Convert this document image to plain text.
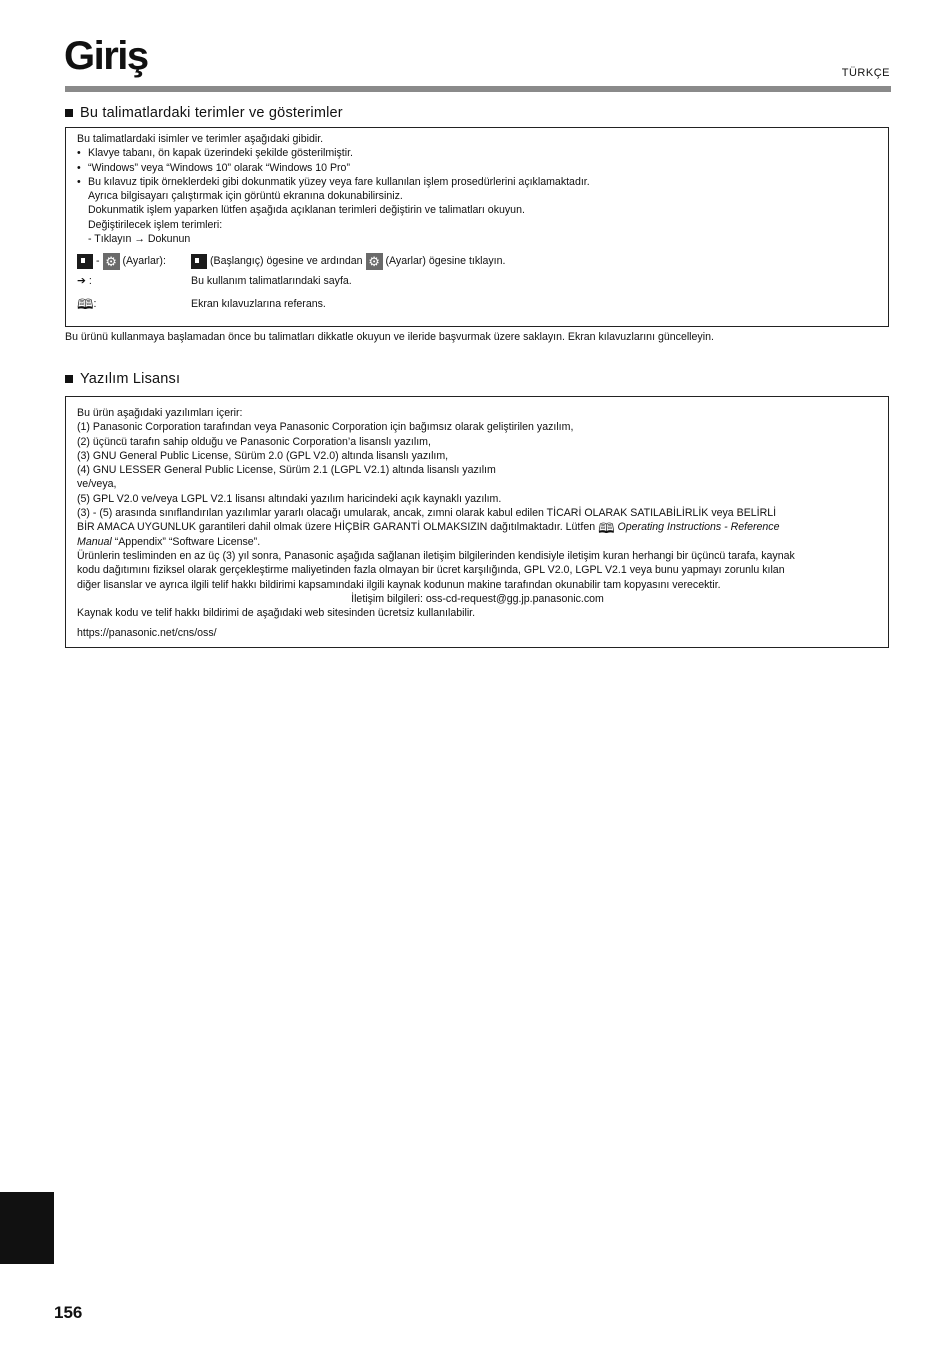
Giriş	TÜRKÇE
Bu talimatlardaki terimler ve gösterimler
Bu talimatlardaki isimler ve terimler aşağıdaki gibidir.
• Klavye tabanı, ön kapak üzerindeki şekilde gösterilmiştir.
• “Windows” veya “Windows 10” olarak “Windows 10 Pro”
• Bu kılavuz tipik örneklerdeki gibi dokunmatik yüzey veya fare kullanılan işlem prosedürlerini açıklamaktadır.
Ayrıca bilgisayarı çalıştırmak için görüntü ekranına dokunabilirsiniz.
Dokunmatik işlem yaparken lütfen aşağıda açıklanan terimleri değiştirin ve talimatları okuyun.
Değiştirilecek işlem terimleri:
- Tıklayın → Dokunun
- ⚙ (Ayarlar):	(Başlangıç) ögesine ve ardından ⚙ (Ayarlar) ögesine tıklayın.
➔ :	Bu kullanım talimatlarındaki sayfa.
🕮 :	Ekran kılavuzlarına referans.
Bu ürünü kullanmaya başlamadan önce bu talimatları dikkatle okuyun ve ileride başvurmak üzere saklayın. Ekran kılavuzlarını güncelleyin.
Yazılım Lisansı
Bu ürün aşağıdaki yazılımları içerir:
(1) Panasonic Corporation tarafından veya Panasonic Corporation için bağımsız olarak geliştirilen yazılım,
(2) üçüncü tarafın sahip olduğu ve Panasonic Corporation’a lisanslı yazılım,
(3) GNU General Public License, Sürüm 2.0 (GPL V2.0) altında lisanslı yazılım,
(4) GNU LESSER General Public License, Sürüm 2.1 (LGPL V2.1) altında lisanslı yazılım
ve/veya,
(5) GPL V2.0 ve/veya LGPL V2.1 lisansı altındaki yazılım haricindeki açık kaynaklı yazılım.
(3) - (5) arasında sınıflandırılan yazılımlar yararlı olacağı umularak, ancak, zımni olarak kabul edilen TİCARİ OLARAK SATILABİLİRLİK veya BELİRLİ
BİR AMACA UYGUNLUK garantileri dahil olmak üzere HİÇBİR GARANTİ OLMAKSIZIN dağıtılmaktadır. Lütfen 🕮 Operating Instructions - Reference
Manual “Appendix” “Software License”.
Ürünlerin tesliminden en az üç (3) yıl sonra, Panasonic aşağıda sağlanan iletişim bilgilerinden kendisiyle iletişim kuran herhangi bir üçüncü tarafa, kaynak
kodu dağıtımını fiziksel olarak gerçekleştirme maliyetinden fazla olmayan bir ücret karşılığında, GPL V2.0, LGPL V2.1 veya bunu yapmayı zorunlu kılan
diğer lisanslar ve ayrıca ilgili telif hakkı bildirimi kapsamındaki ilgili kaynak kodunun makine tarafından okunabilir tam kopyasını verecektir.
İletişim bilgileri: oss-cd-request@gg.jp.panasonic.com
Kaynak kodu ve telif hakkı bildirimi de aşağıdaki web sitesinden ücretsiz kullanılabilir.
https://panasonic.net/cns/oss/
156
